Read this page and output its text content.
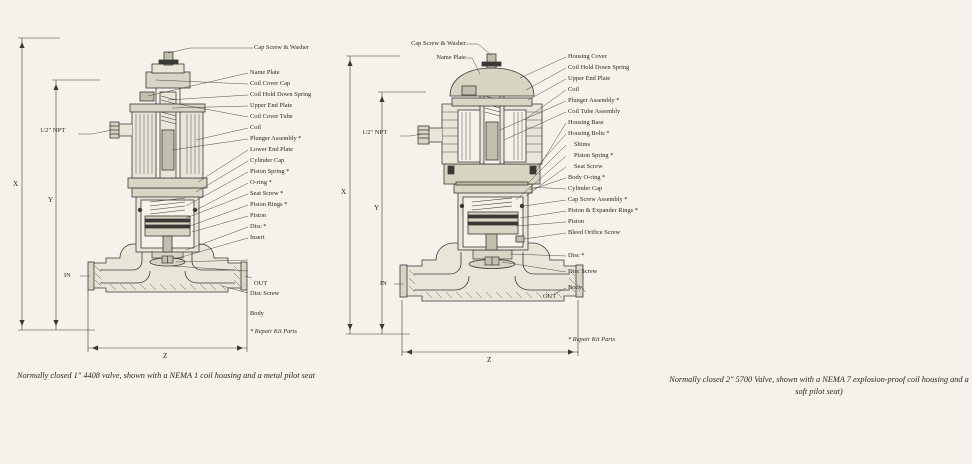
X
Y
Z
1/2" NPT
IN
OUT
Cap Screw & Washer
Name Plate
Coil Cover Cap
Coil Hold Down Spring
Upper End Plate
Coil Cover Tube
Coil
Plunger Assembly *
Lower End Plate
Cylinder Cap
Piston Spring *
O-ring *
Seat Screw *
Piston Rings *
Piston
Disc *
Insert
Disc Screw
Body
* Repair Kit Parts
Normally closed 1" 4408 valve, shown with a NEMA 1 coil housing and a metal pilot seat
X
Y
Z
1/2" NPT
IN
OUT
Cap Screw & Washer
Name Plate	Housing Cover
Coil Hold Down Spring
Upper End Plate
Coil
Plunger Assembly *
Coil Tube Assembly
Housing Base
Housing Bolts *
Shims
Piston Spring *
Seat Screw
Body O-ring *
Cylinder Cap
Cap Screw Assembly *
Piston & Expander Rings *
Piston
Bleed Orifice Screw
Disc *
Disc Screw
Body
* Repair Kit Parts
Normally closed 2" 5700 Valve, shown with a NEMA 7 explosion-proof coil housing and a soft pilot seat)
